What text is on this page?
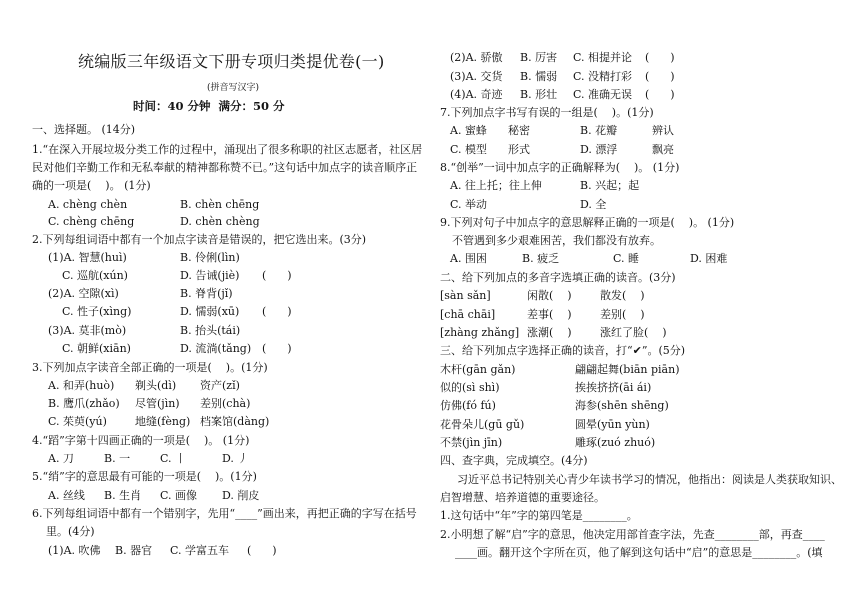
统编版三年级语文下册专项归类提优卷(一)
(拼音写汉字)
时间：40 分钟  满分：50 分
一、选择题。 (14分)
1.“在深入开展垃圾分类工作的过程中，涌现出了很多称职的社区志愿者，社区居
民对他们辛勤工作和无私奉献的精神都称赞不已。”这句话中加点字的读音顺序正
确的一项是(    )。 (1分)
A. chèng chèn	B. chèn chēng
C. chèng chēng	D. chèn chèng
2.下列每组词语中都有一个加点字读音是错误的，把它选出来。(3分)
(1)A. 智慧(huì)	B. 伶俐(lìn)
C. 巡航(xún)	D. 告诫(jiè) (      )
(2)A. 空隙(xì)	B. 脊背(jǐ)
C. 性子(xìng)	D. 懦弱(xū) (      )
(3)A. 莫非(mò)	B. 抬头(tái)
C. 朝鲜(xiān)	D. 流淌(tǎng) (      )
3.下列加点字读音全部正确的一项是(    )。(1分)
A. 和弄(huò) 剃头(dì) 资产(zǐ)
B. 鹰爪(zhǎo) 尽管(jìn) 差别(chà)
C. 茱萸(yú)	地缝(fèng) 档案馆(dàng)
4.“蹈”字第十四画正确的一项是(    )。 (1分)
A. 刀	B. 一	C. 丨	D. 丿
5.“绡”字的意思最有可能的一项是(    )。(1分)
A. 丝线 B. 生肖 C. 画像 D. 削皮
6.下列每组词语中都有一个错别字，先用“____”画出来，再把正确的字写在括号
里。(4分)
(1)A. 吹佛 B. 器官 C. 学富五车 (      )
(2)A. 骄傲 B. 厉害 C. 相提并论 (      )
(3)A. 交货 B. 懦弱 C. 没精打彩 (      )
(4)A. 奇迹 B. 形壮 C. 准确无误 (      )
7.下列加点字书写有误的一组是(    )。(1分)
A. 蜜蜂 秘密	B. 花瓣	辨认
C. 模型 形式	D. 漂浮	飘亮
8.“创举”一词中加点字的正确解释为(    )。 (1分)
A. 往上托；往上伸	B. 兴起；起
C. 举动	D. 全
9.下列对句子中加点字的意思解释正确的一项是(    )。 (1分)
不管遇到多少艰难困苦，我们都没有放弃。
A. 围困	B. 疲乏	C. 睡	D. 困难
二、给下列加点的多音字选填正确的读音。(3分)
[sàn sǎn]	闲散(    )	散发(    )
[chā chāi]	差事(    )	差别(    )
[zhàng zhǎng] 涨潮(    )	涨红了脸(    )
三、给下列加点字选择正确的读音，打“✔”。(5分)
木杆(gān gǎn)	翩翩起舞(biān piān)
似的(sì shì)	挨挨挤挤(āi ái)
仿佛(fó fú)	海参(shēn shēng)
花骨朵儿(gū gǔ)	圆晕(yūn yùn)
不禁(jìn jīn)	雕琢(zuó zhuó)
四、查字典，完成填空。(4分)
习近平总书记特别关心青少年读书学习的情况，他指出：阅读是人类获取知识、
启智增慧、培养道德的重要途径。
1.这句话中“年”字的第四笔是________。
2.小明想了解“启”字的意思，他决定用部首查字法，先查________部，再查____
____画。翻开这个字所在页，他了解到这句话中“启”的意思是________。(填
